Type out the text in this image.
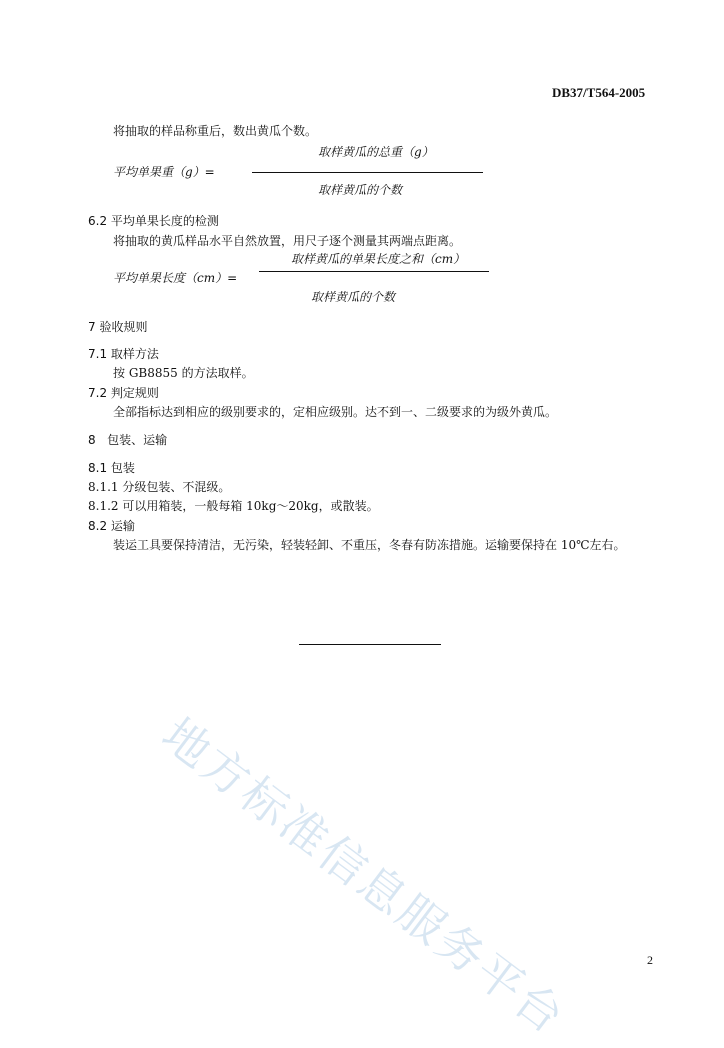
DB37/T564-2005
将抽取的样品称重后，数出黄瓜个数。
取样黄瓜的总重（g）
平均单果重（g）=
取样黄瓜的个数
6.2 平均单果长度的检测
将抽取的黄瓜样品水平自然放置，用尺子逐个测量其两端点距离。
取样黄瓜的单果长度之和（cm）
平均单果长度（cm）=
取样黄瓜的个数
7 验收规则
7.1 取样方法
按 GB8855 的方法取样。
7.2 判定规则
全部指标达到相应的级别要求的，定相应级别。达不到一、二级要求的为级外黄瓜。
8   包装、运输
8.1 包装
8.1.1 分级包装、不混级。
8.1.2 可以用箱装，一般每箱 10kg～20kg，或散装。
8.2 运输
装运工具要保持清洁，无污染，轻装轻卸、不重压，冬春有防冻措施。运输要保持在 10℃左右。
地方标准信息服务平台	2
